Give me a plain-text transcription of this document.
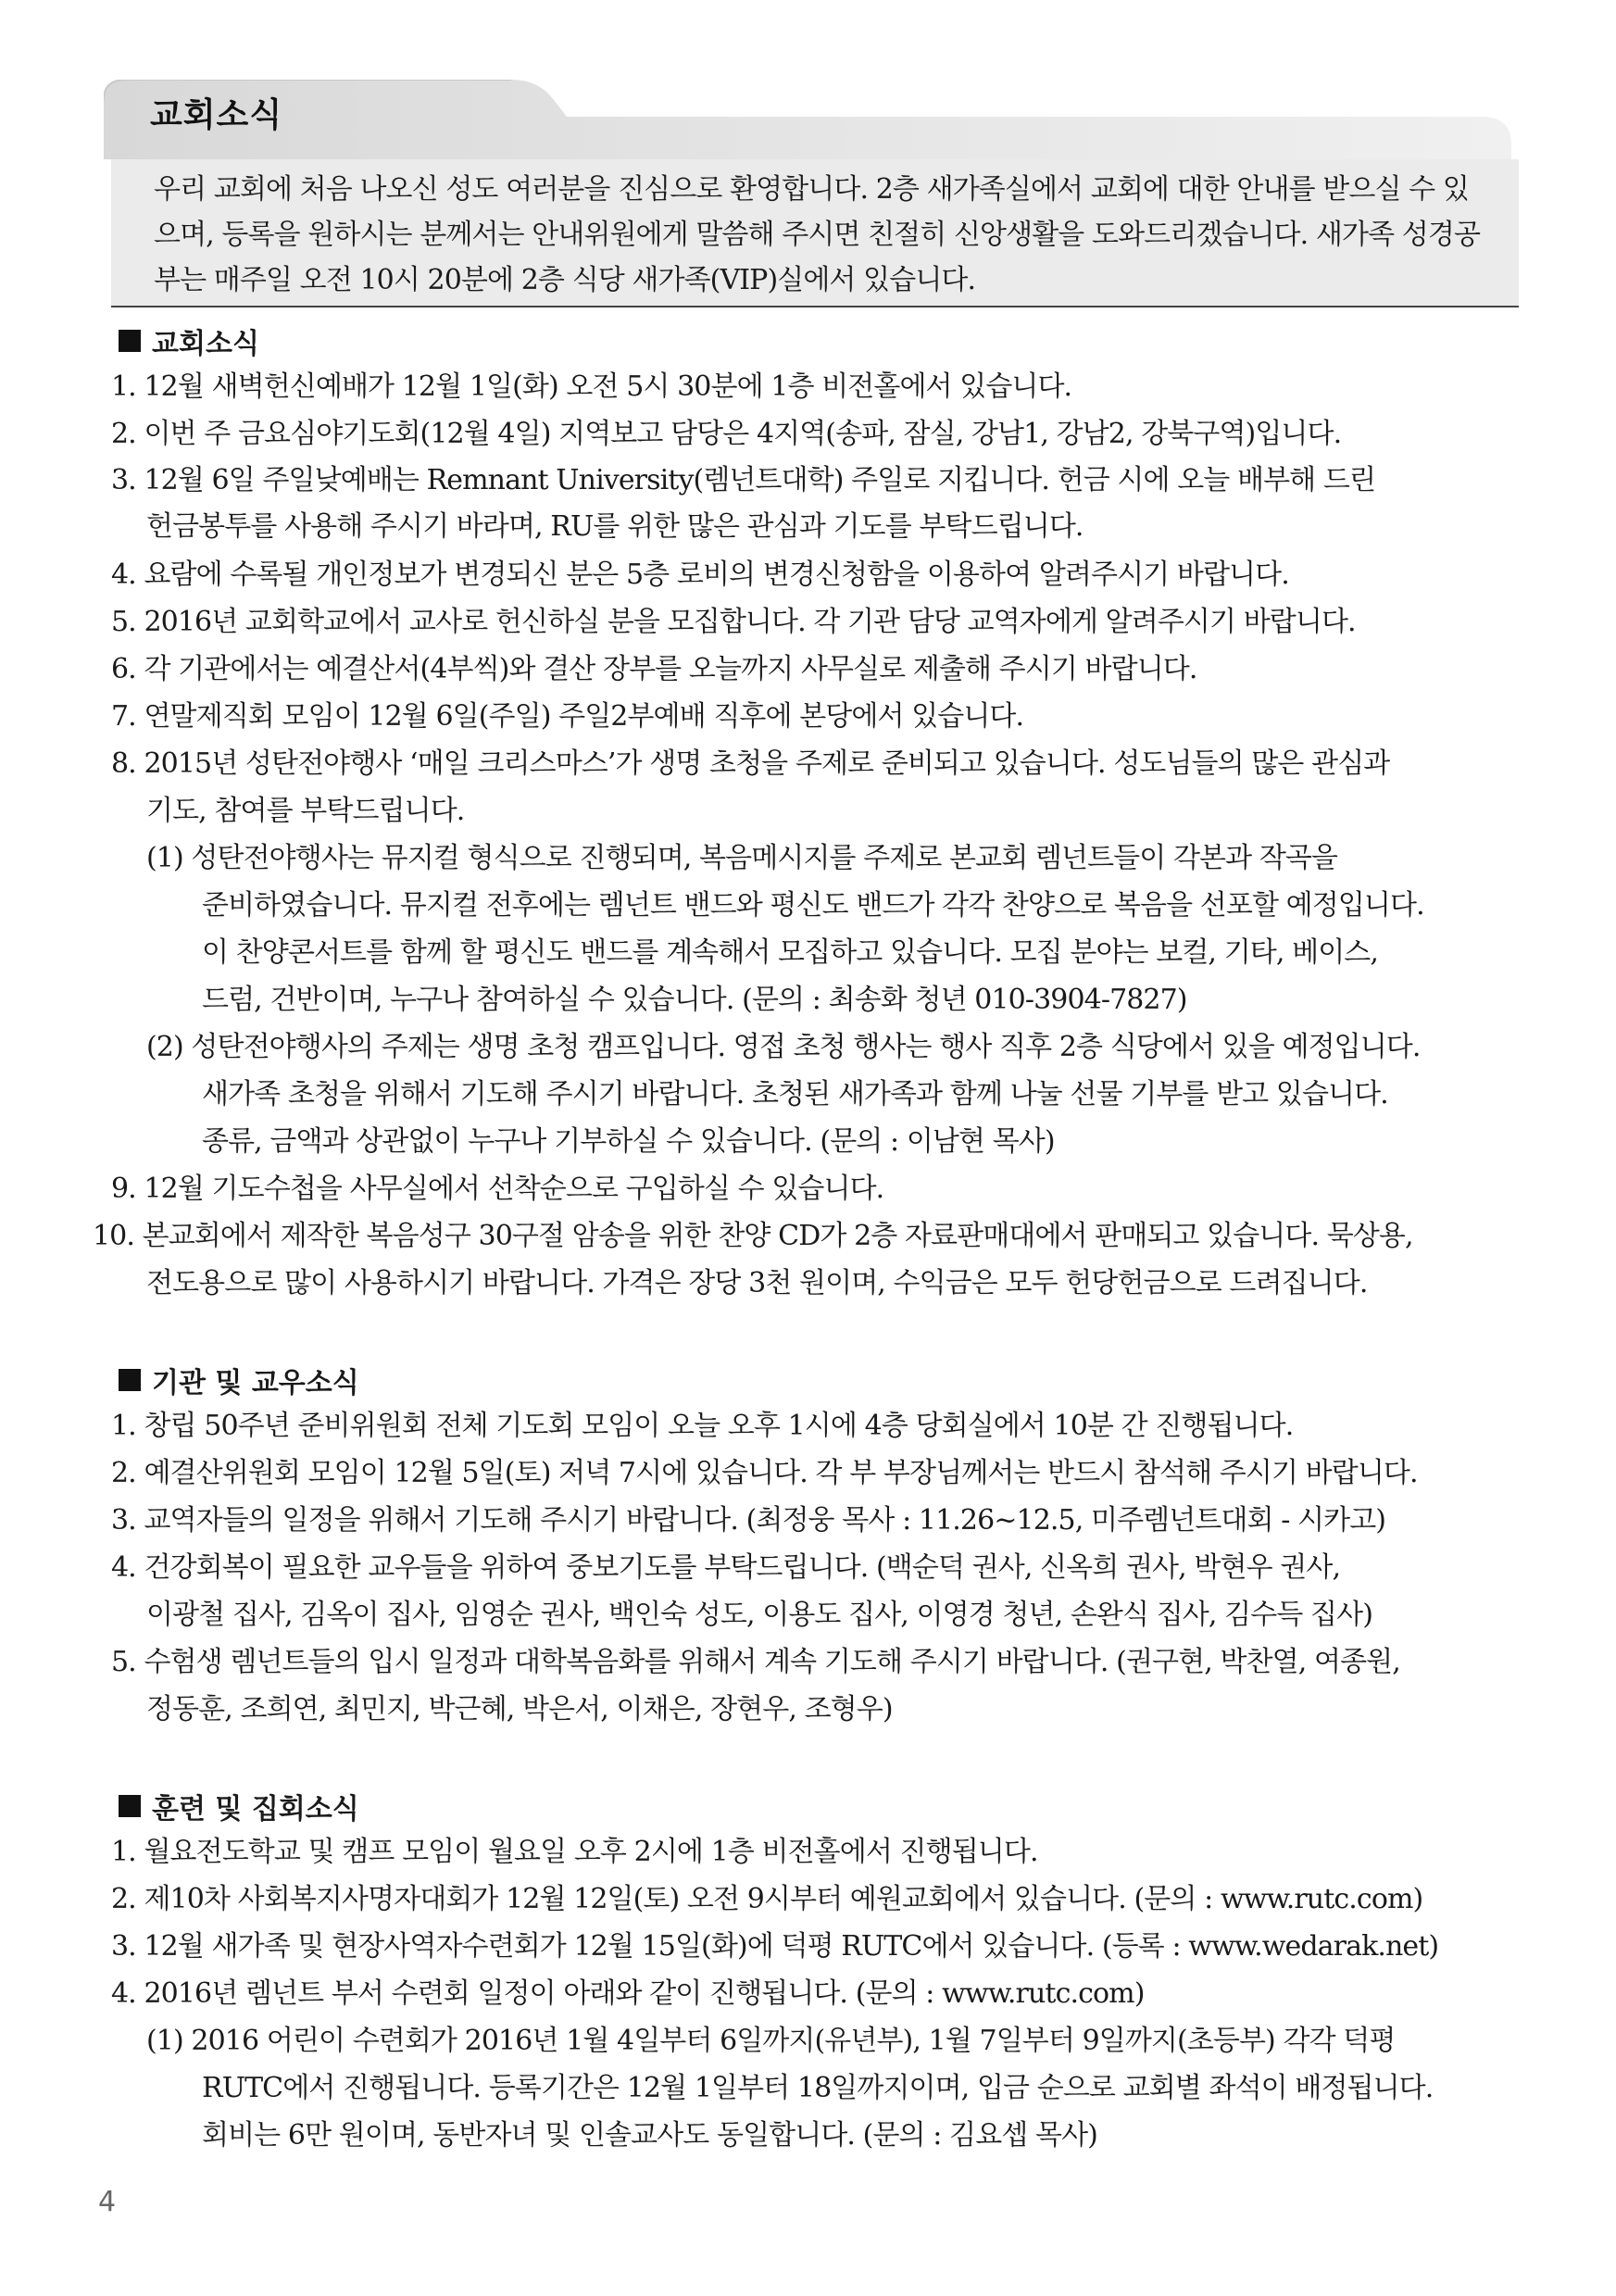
교회소식

우리 교회에 처음 나오신 성도 여러분을 진심으로 환영합니다. 2층 새가족실에서 교회에 대한 안내를 받으실 수 있으며, 등록을 원하시는 분께서는 안내위원에게 말씀해 주시면 친절히 신앙생활을 도와드리겠습니다. 새가족 성경공부는 매주일 오전 10시 20분에 2층 식당 새가족(VIP)실에서 있습니다.

교회소식
1. 12월 새벽헌신예배가 12월 1일(화) 오전 5시 30분에 1층 비전홀에서 있습니다.
2. 이번 주 금요심야기도회(12월 4일) 지역보고 담당은 4지역(송파, 잠실, 강남1, 강남2, 강북구역)입니다.
3. 12월 6일 주일낮예배는 Remnant University(렘넌트대학) 주일로 지킵니다. 헌금 시에 오늘 배부해 드린
헌금봉투를 사용해 주시기 바라며, RU를 위한 많은 관심과 기도를 부탁드립니다.
4. 요람에 수록될 개인정보가 변경되신 분은 5층 로비의 변경신청함을 이용하여 알려주시기 바랍니다.
5. 2016년 교회학교에서 교사로 헌신하실 분을 모집합니다. 각 기관 담당 교역자에게 알려주시기 바랍니다.
6. 각 기관에서는 예결산서(4부씩)와 결산 장부를 오늘까지 사무실로 제출해 주시기 바랍니다.
7. 연말제직회 모임이 12월 6일(주일) 주일2부예배 직후에 본당에서 있습니다.
8. 2015년 성탄전야행사 ‘매일 크리스마스’가 생명 초청을 주제로 준비되고 있습니다. 성도님들의 많은 관심과
기도, 참여를 부탁드립니다.
(1) 성탄전야행사는 뮤지컬 형식으로 진행되며, 복음메시지를 주제로 본교회 렘넌트들이 각본과 작곡을
준비하였습니다. 뮤지컬 전후에는 렘넌트 밴드와 평신도 밴드가 각각 찬양으로 복음을 선포할 예정입니다.
이 찬양콘서트를 함께 할 평신도 밴드를 계속해서 모집하고 있습니다. 모집 분야는 보컬, 기타, 베이스,
드럼, 건반이며, 누구나 참여하실 수 있습니다. (문의 : 최송화 청년 010-3904-7827)
(2) 성탄전야행사의 주제는 생명 초청 캠프입니다. 영접 초청 행사는 행사 직후 2층 식당에서 있을 예정입니다.
새가족 초청을 위해서 기도해 주시기 바랍니다. 초청된 새가족과 함께 나눌 선물 기부를 받고 있습니다.
종류, 금액과 상관없이 누구나 기부하실 수 있습니다. (문의 : 이남현 목사)
9. 12월 기도수첩을 사무실에서 선착순으로 구입하실 수 있습니다.
10. 본교회에서 제작한 복음성구 30구절 암송을 위한 찬양 CD가 2층 자료판매대에서 판매되고 있습니다. 묵상용,
전도용으로 많이 사용하시기 바랍니다. 가격은 장당 3천 원이며, 수익금은 모두 헌당헌금으로 드려집니다.
기관 및 교우소식
1. 창립 50주년 준비위원회 전체 기도회 모임이 오늘 오후 1시에 4층 당회실에서 10분 간 진행됩니다.
2. 예결산위원회 모임이 12월 5일(토) 저녁 7시에 있습니다. 각 부 부장님께서는 반드시 참석해 주시기 바랍니다.
3. 교역자들의 일정을 위해서 기도해 주시기 바랍니다. (최정웅 목사 : 11.26~12.5, 미주렘넌트대회 - 시카고)
4. 건강회복이 필요한 교우들을 위하여 중보기도를 부탁드립니다. (백순덕 권사, 신옥희 권사, 박현우 권사,
이광철 집사, 김옥이 집사, 임영순 권사, 백인숙 성도, 이용도 집사, 이영경 청년, 손완식 집사, 김수득 집사)
5. 수험생 렘넌트들의 입시 일정과 대학복음화를 위해서 계속 기도해 주시기 바랍니다. (권구현, 박찬열, 여종원,
정동훈, 조희연, 최민지, 박근혜, 박은서, 이채은, 장현우, 조형우)
훈련 및 집회소식
1. 월요전도학교 및 캠프 모임이 월요일 오후 2시에 1층 비전홀에서 진행됩니다.
2. 제10차 사회복지사명자대회가 12월 12일(토) 오전 9시부터 예원교회에서 있습니다. (문의 : www.rutc.com)
3. 12월 새가족 및 현장사역자수련회가 12월 15일(화)에 덕평 RUTC에서 있습니다. (등록 : www.wedarak.net)
4. 2016년 렘넌트 부서 수련회 일정이 아래와 같이 진행됩니다. (문의 : www.rutc.com)
(1) 2016 어린이 수련회가 2016년 1월 4일부터 6일까지(유년부), 1월 7일부터 9일까지(초등부) 각각 덕평
RUTC에서 진행됩니다. 등록기간은 12월 1일부터 18일까지이며, 입금 순으로 교회별 좌석이 배정됩니다.
회비는 6만 원이며, 동반자녀 및 인솔교사도 동일합니다. (문의 : 김요셉 목사)
4
